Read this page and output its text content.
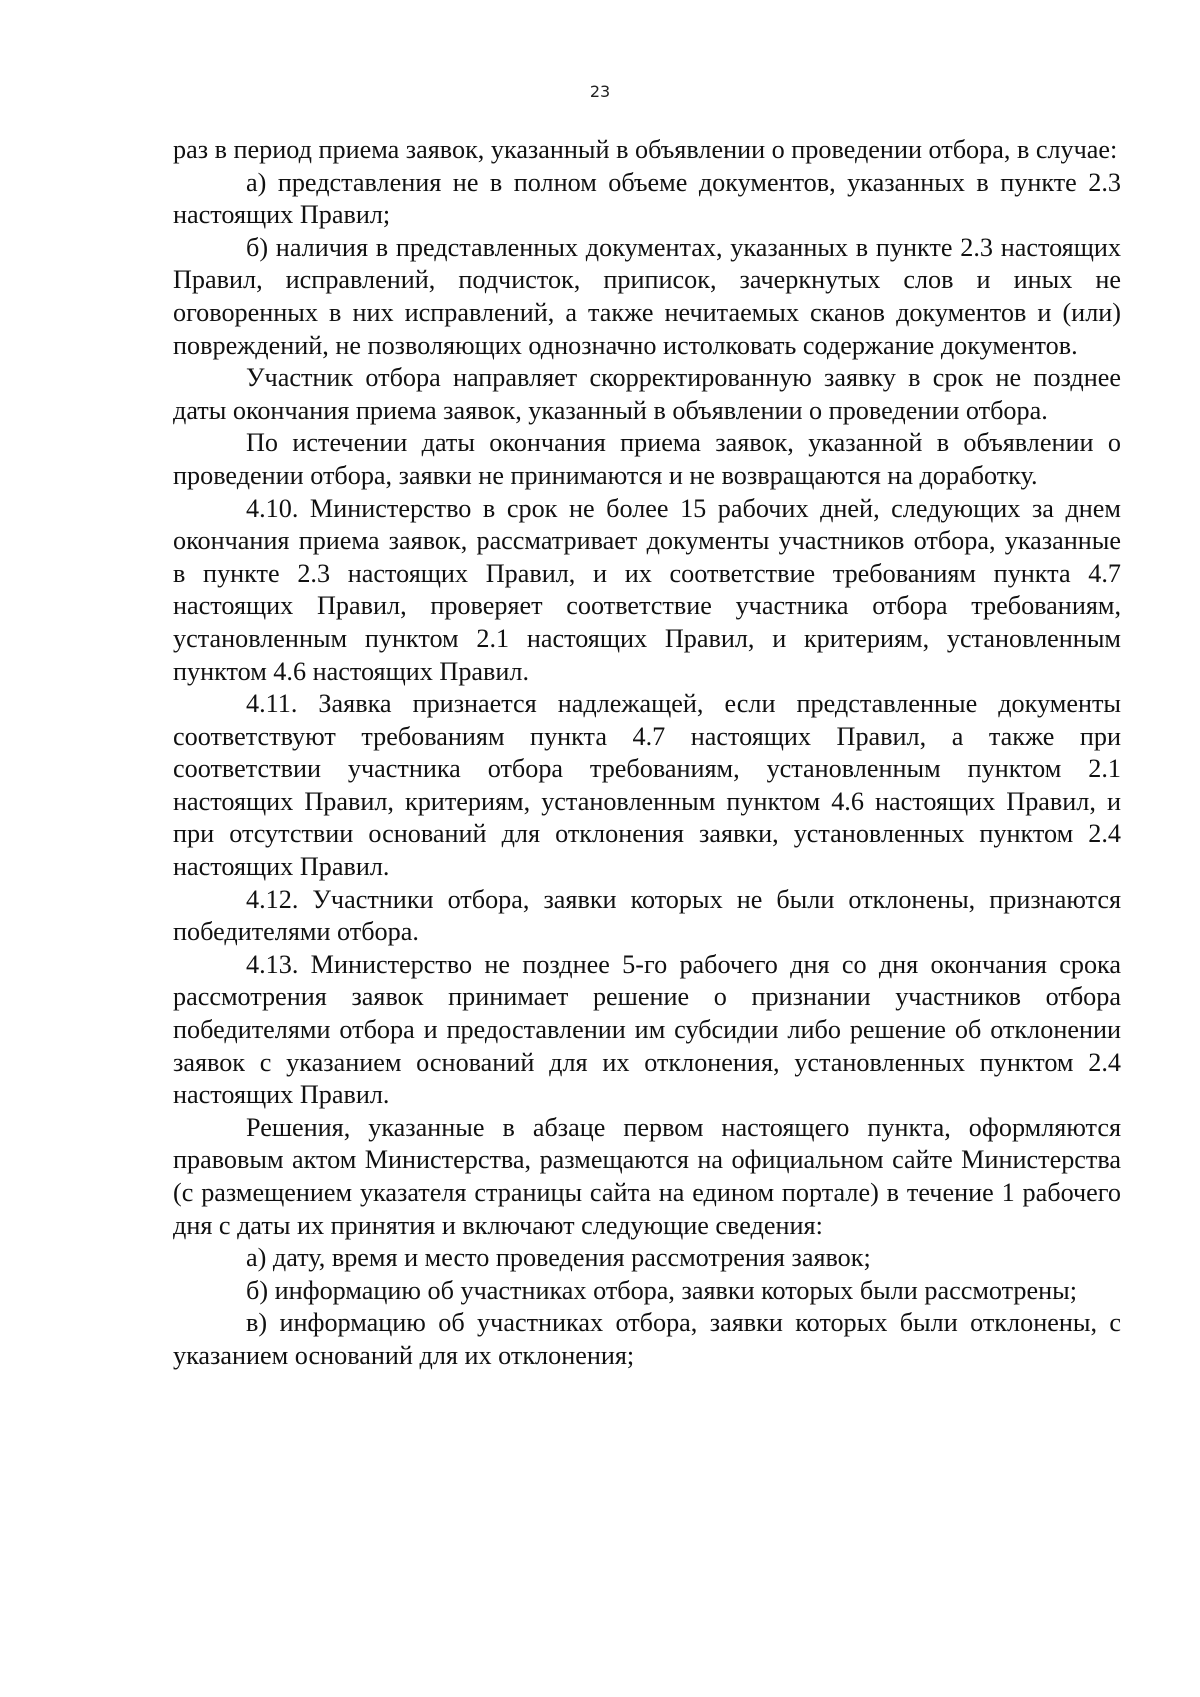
23

раз в период приема заявок, указанный в объявлении о проведении отбора, в случае:

а) представления не в полном объеме документов, указанных в пункте 2.3 настоящих Правил;

б) наличия в представленных документах, указанных в пункте 2.3 настоящих Правил, исправлений, подчисток, приписок, зачеркнутых слов и иных не оговоренных в них исправлений, а также нечитаемых сканов документов и (или) повреждений, не позволяющих однозначно истолковать содержание документов.

Участник отбора направляет скорректированную заявку в срок не позднее даты окончания приема заявок, указанный в объявлении о проведении отбора.

По истечении даты окончания приема заявок, указанной в объявлении о проведении отбора, заявки не принимаются и не возвращаются на доработку.

4.10. Министерство в срок не более 15 рабочих дней, следующих за днем окончания приема заявок, рассматривает документы участников отбора, указанные в пункте 2.3 настоящих Правил, и их соответствие требованиям пункта 4.7 настоящих Правил, проверяет соответствие участника отбора требованиям, установленным пунктом 2.1 настоящих Правил, и критериям, установленным пунктом 4.6 настоящих Правил.

4.11. Заявка признается надлежащей, если представленные документы соответствуют требованиям пункта 4.7 настоящих Правил, а также при соответствии участника отбора требованиям, установленным пунктом 2.1 настоящих Правил, критериям, установленным пунктом 4.6 настоящих Правил, и при отсутствии оснований для отклонения заявки, установленных пунктом 2.4 настоящих Правил.

4.12. Участники отбора, заявки которых не были отклонены, признаются победителями отбора.

4.13. Министерство не позднее 5-го рабочего дня со дня окончания срока рассмотрения заявок принимает решение о признании участников отбора победителями отбора и предоставлении им субсидии либо решение об отклонении заявок с указанием оснований для их отклонения, установленных пунктом 2.4 настоящих Правил.

Решения, указанные в абзаце первом настоящего пункта, оформляются правовым актом Министерства, размещаются на официальном сайте Министерства (с размещением указателя страницы сайта на едином портале) в течение 1 рабочего дня с даты их принятия и включают следующие сведения:

а) дату, время и место проведения рассмотрения заявок;

б) информацию об участниках отбора, заявки которых были рассмотрены;

в) информацию об участниках отбора, заявки которых были отклонены, с указанием оснований для их отклонения;
